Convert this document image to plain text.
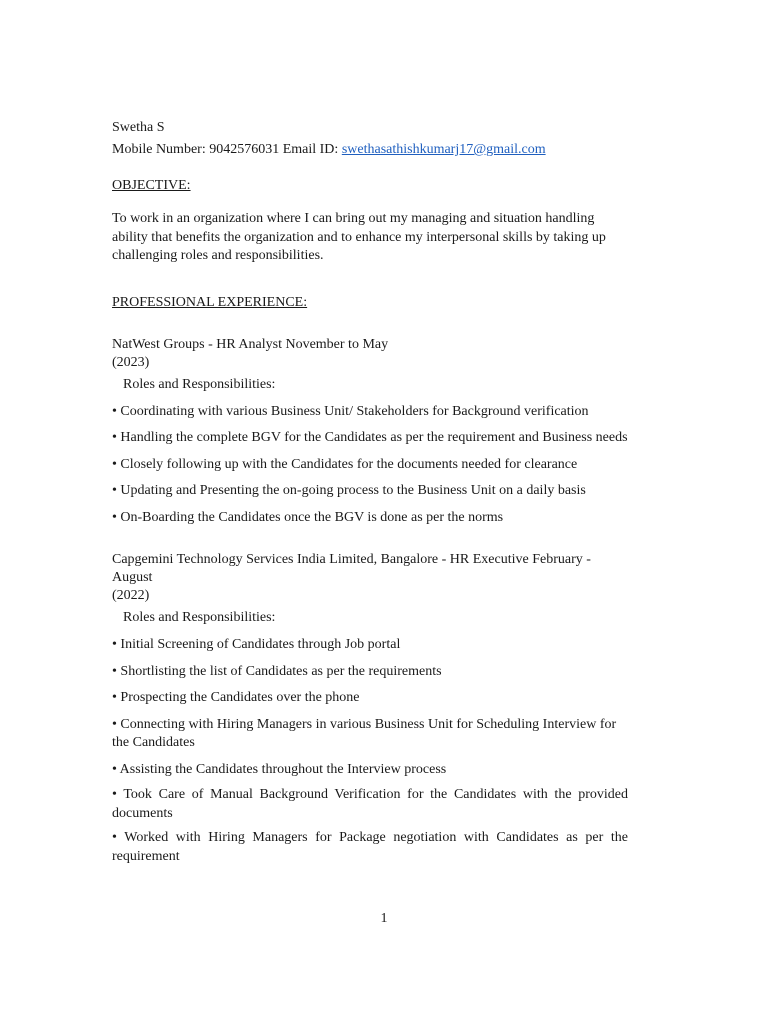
Swetha S
Mobile Number: 9042576031 Email ID: swethasathishkumarj17@gmail.com
OBJECTIVE:
To work in an organization where I can bring out my managing and situation handling ability that benefits the organization and to enhance my interpersonal skills by taking up challenging roles and responsibilities.
PROFESSIONAL EXPERIENCE:
NatWest Groups - HR Analyst November to May
(2023)
Roles and Responsibilities:
• Coordinating with various Business Unit/ Stakeholders for Background verification
• Handling the complete BGV for the Candidates as per the requirement and Business needs
• Closely following up with the Candidates for the documents needed for clearance
• Updating and Presenting the on-going process to the Business Unit on a daily basis
• On-Boarding the Candidates once the BGV is done as per the norms
Capgemini Technology Services India Limited, Bangalore - HR Executive February - August
(2022)
Roles and Responsibilities:
• Initial Screening of Candidates through Job portal
• Shortlisting the list of Candidates as per the requirements
• Prospecting the Candidates over the phone
• Connecting with Hiring Managers in various Business Unit for Scheduling Interview for the Candidates
• Assisting the Candidates throughout the Interview process
• Took Care of Manual Background Verification for the Candidates with the provided documents
• Worked with Hiring Managers for Package negotiation with Candidates as per the requirement
1
